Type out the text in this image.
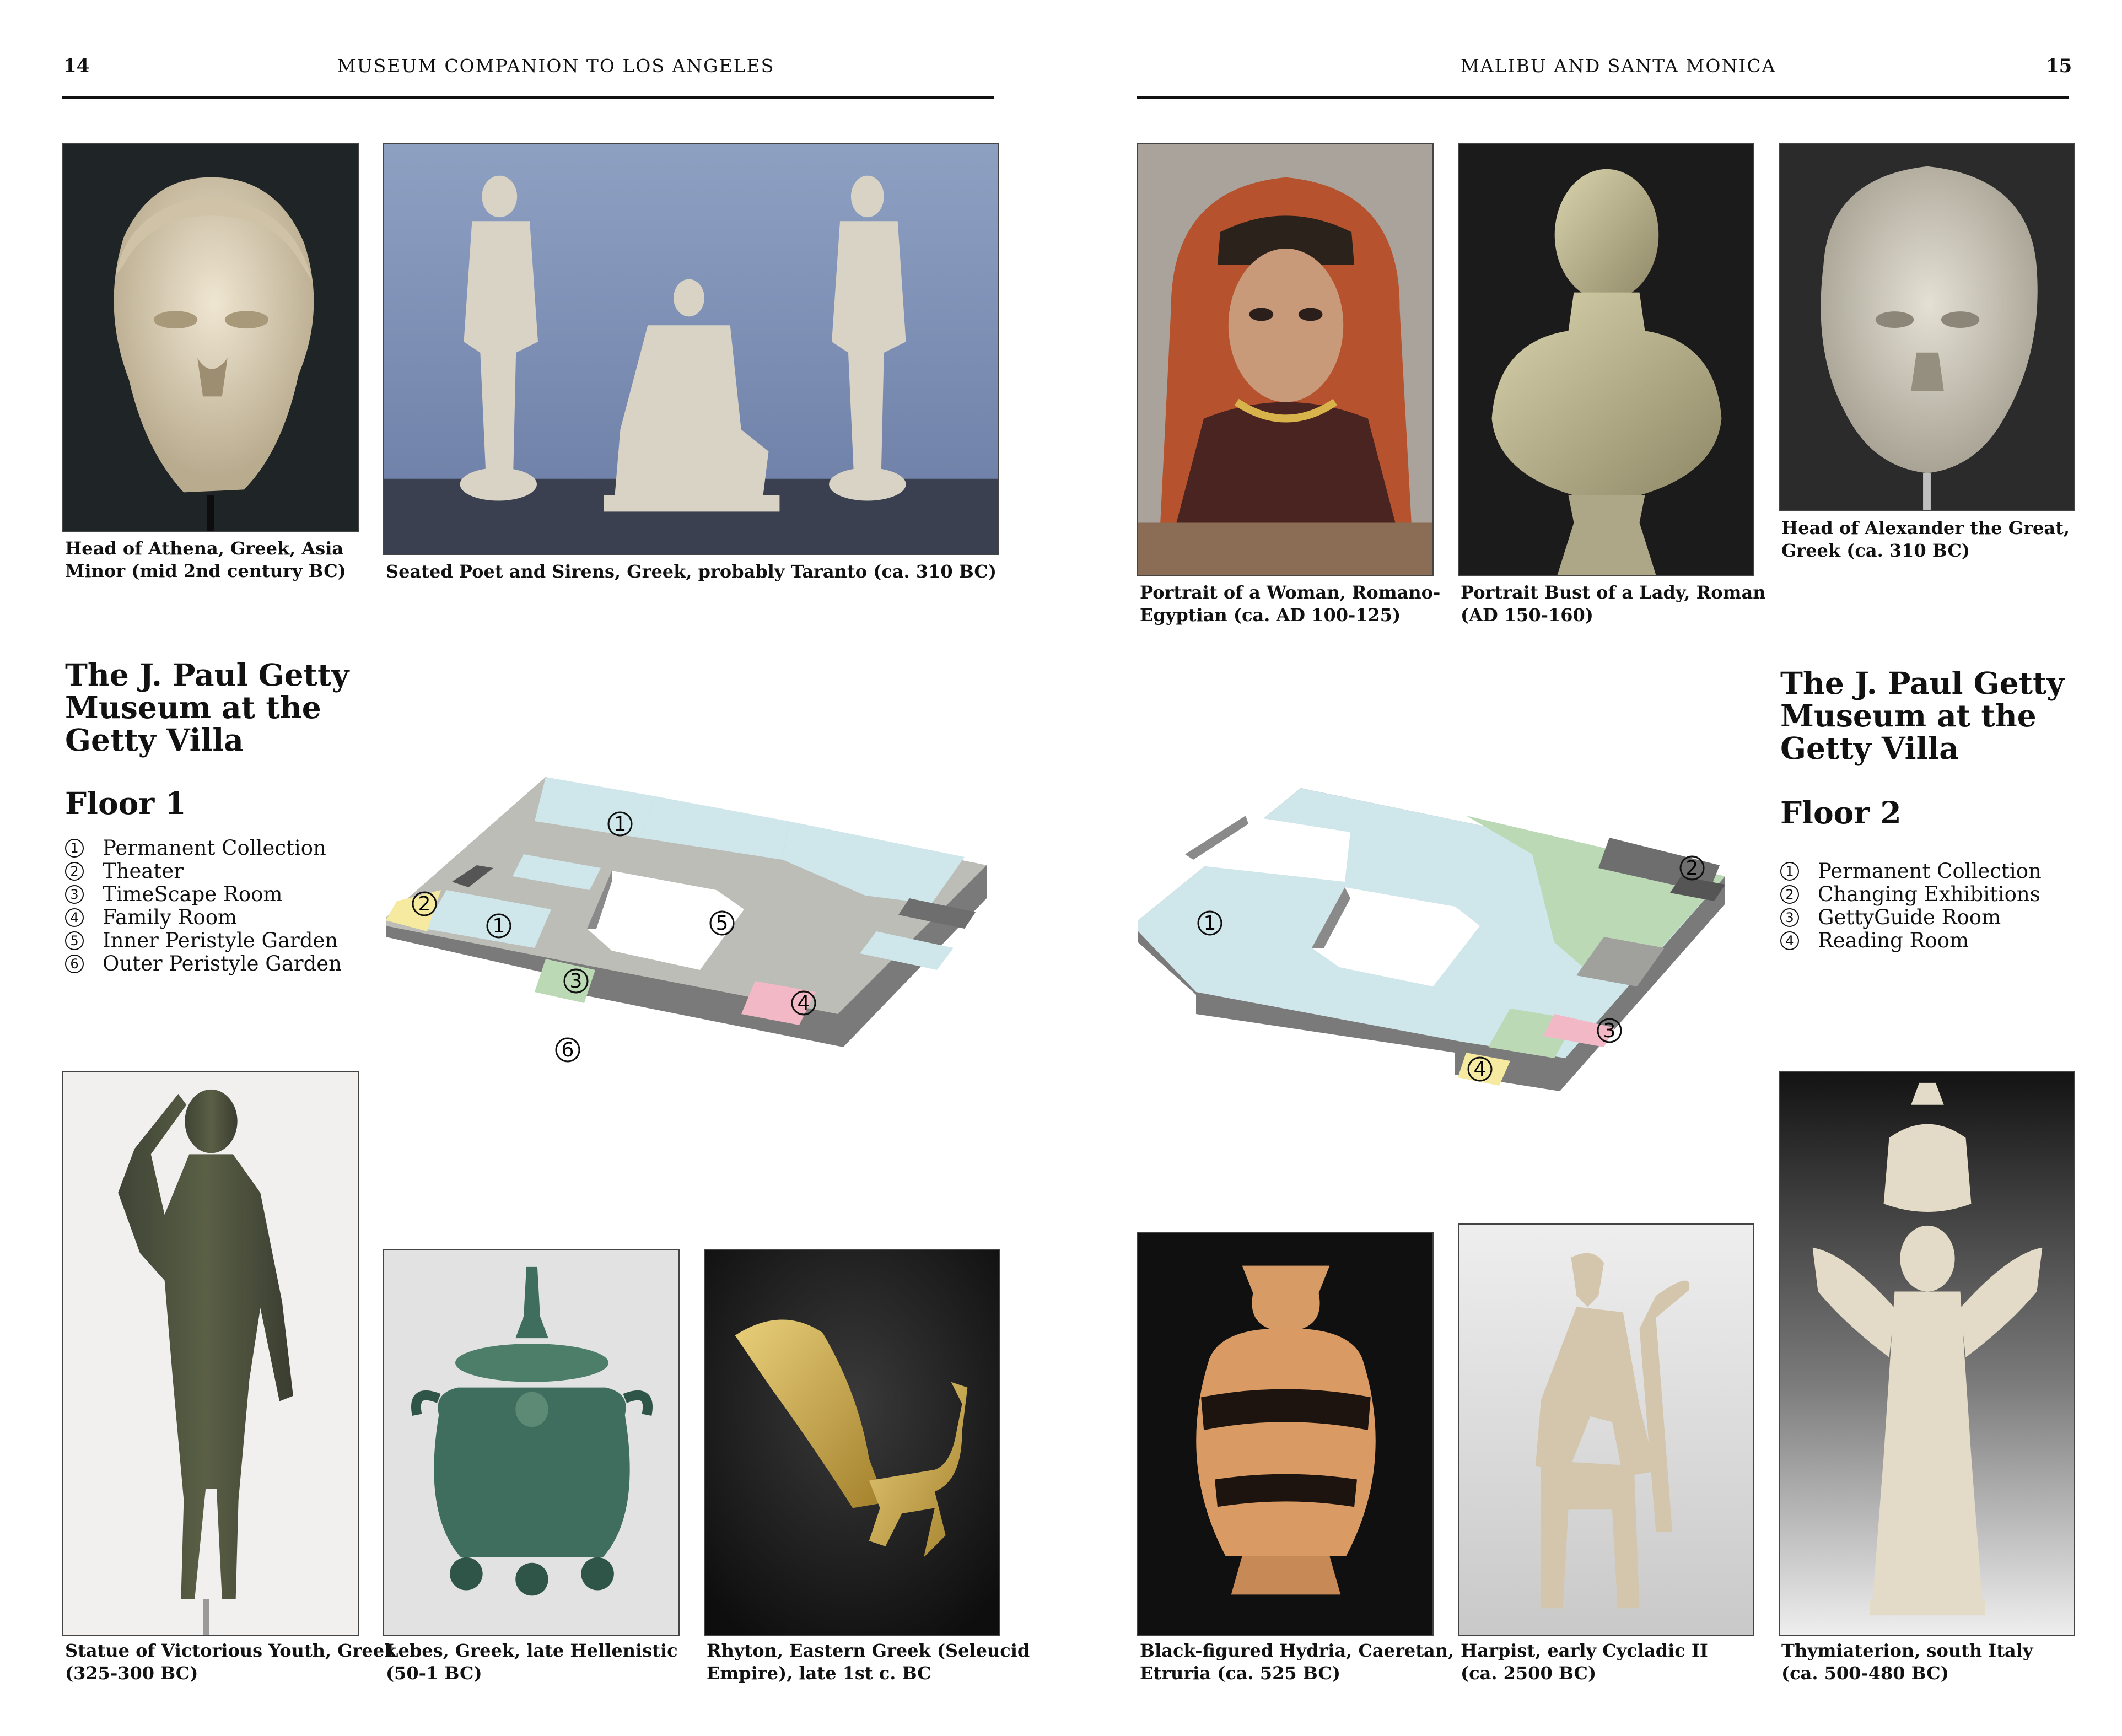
14	MUSEUM COMPANION TO LOS ANGELES
Head of Athena, Greek, Asia
Minor (mid 2nd century BC) Seated Poet and Sirens, Greek, probably Taranto (ca. 310 BC)
The J. Paul Getty
Museum at the
Getty Villa
Floor 1
1 Permanent Collection
2 Theater
3 TimeScape Room
4 Family Room
5 Inner Peristyle Garden
6 Outer Peristyle Garden
1
1
2
3
4
5
6
Statue of Victorious Youth, Greek
(325-300 BC)
Lebes, Greek, late Hellenistic
(50-1 BC)
Rhyton, Eastern Greek (Seleucid
Empire), late 1st c. BC
MALIBU AND SANTA MONICA	15
Portrait of a Woman, Romano-
Egyptian (ca. AD 100-125)
Portrait Bust of a Lady, Roman
(AD 150-160)
Head of Alexander the Great,
Greek (ca. 310 BC)
The J. Paul Getty
Museum at the
Getty Villa
Floor 2
1 Permanent Collection
2 Changing Exhibitions
3 GettyGuide Room
4 Reading Room
1
2
3
4
Black-figured Hydria, Caeretan,
Etruria (ca. 525 BC)
Harpist, early Cycladic II
(ca. 2500 BC)
Thymiaterion, south Italy
(ca. 500-480 BC)
